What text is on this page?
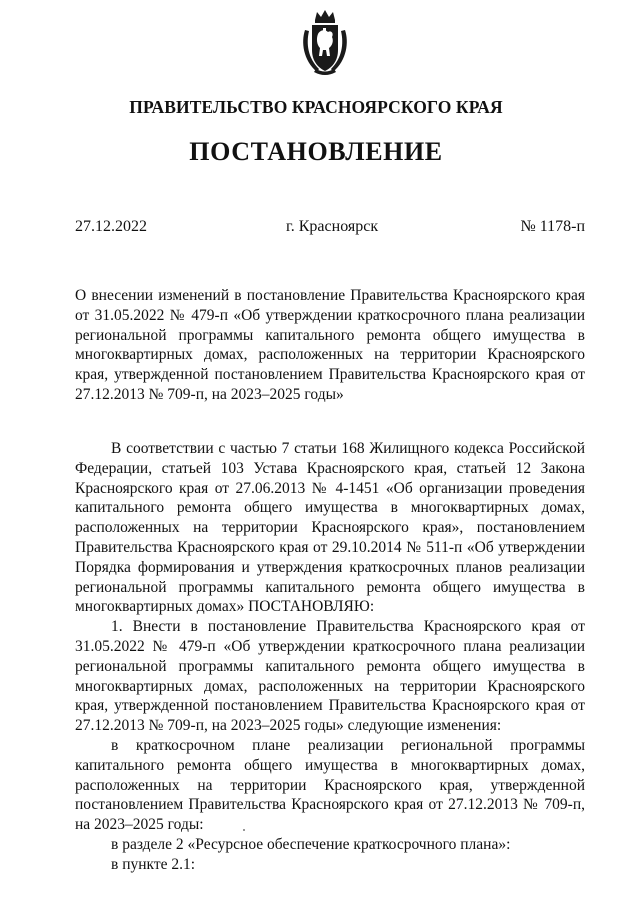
ПРАВИТЕЛЬСТВО КРАСНОЯРСКОГО КРАЯ
ПОСТАНОВЛЕНИЕ
27.12.2022	г. Красноярск	№ 1178-п
О внесении изменений в постановление Правительства Красноярского края от 31.05.2022 № 479-п «Об утверждении краткосрочного плана реализации региональной программы капитального ремонта общего имущества в многоквартирных домах, расположенных на территории Красноярского края, утвержденной постановлением Правительства Красноярского края от 27.12.2013 № 709-п, на 2023–2025 годы»

В соответствии с частью 7 статьи 168 Жилищного кодекса Российской Федерации, статьей 103 Устава Красноярского края, статьей 12 Закона Красноярского края от 27.06.2013 № 4-1451 «Об организации проведения капитального ремонта общего имущества в многоквартирных домах, расположенных на территории Красноярского края», постановлением Правительства Красноярского края от 29.10.2014 № 511-п «Об утверждении Порядка формирования и утверждения краткосрочных планов реализации региональной программы капитального ремонта общего имущества в многоквартирных домах» ПОСТАНОВЛЯЮ:

1. Внести в постановление Правительства Красноярского края от 31.05.2022 № 479-п «Об утверждении краткосрочного плана реализации региональной программы капитального ремонта общего имущества в многоквартирных домах, расположенных на территории Красноярского края, утвержденной постановлением Правительства Красноярского края от 27.12.2013 № 709-п, на 2023–2025 годы» следующие изменения:

в краткосрочном плане реализации региональной программы капитального ремонта общего имущества в многоквартирных домах, расположенных на территории Красноярского края, утвержденной постановлением Правительства Красноярского края от 27.12.2013 № 709-п, на 2023–2025 годы:

в разделе 2 «Ресурсное обеспечение краткосрочного плана»:

в пункте 2.1:
